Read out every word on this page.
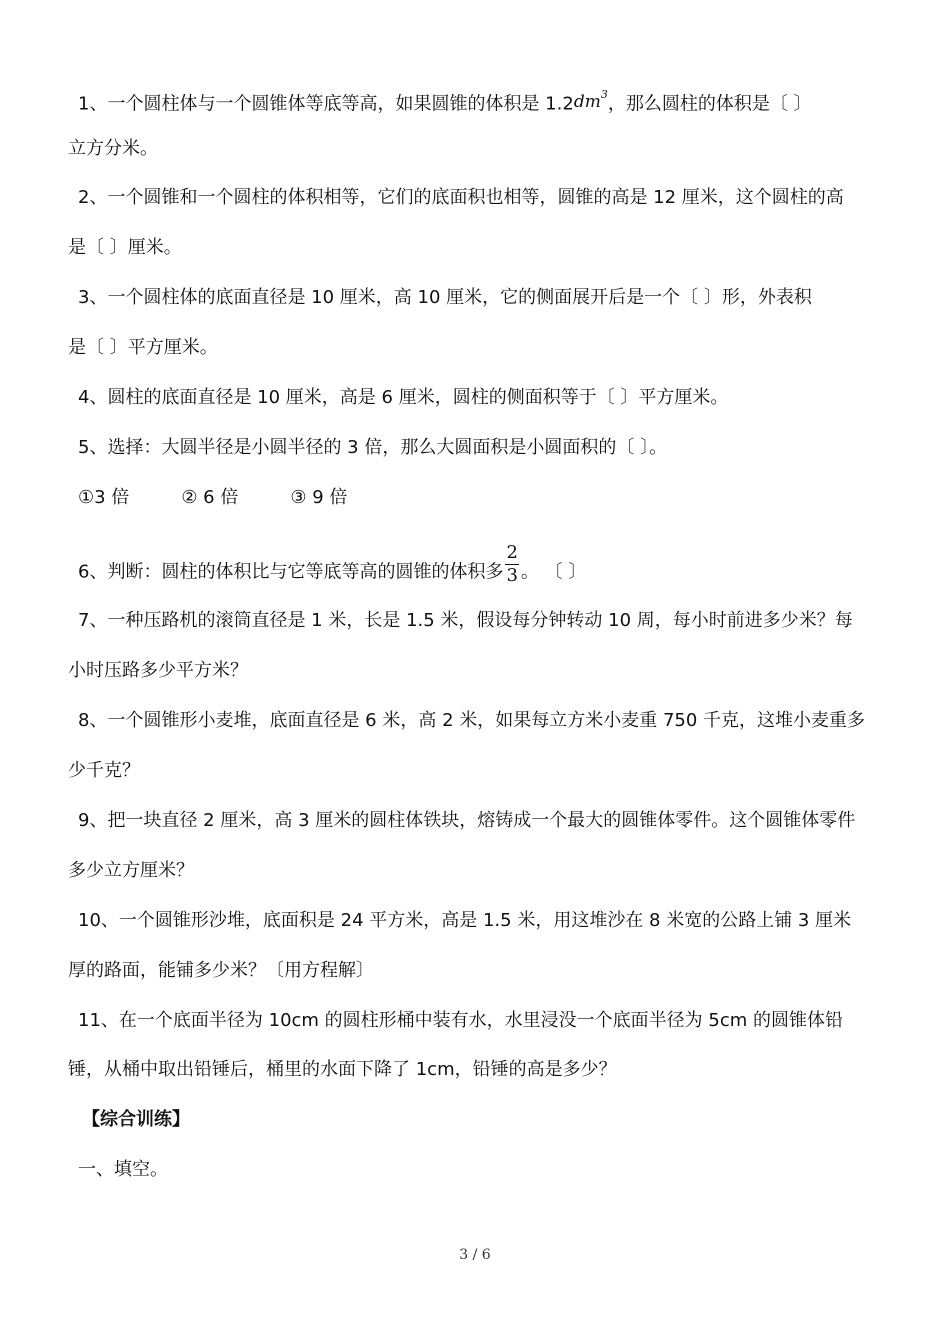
1、一个圆柱体与一个圆锥体等底等高，如果圆锥的体积是 $1.2dm^3$，那么圆柱的体积是〔 〕
立方分米。
2、一个圆锥和一个圆柱的体积相等，它们的底面积也相等，圆锥的高是 12 厘米，这个圆柱的高
是〔 〕厘米。
3、一个圆柱体的底面直径是 10 厘米，高 10 厘米，它的侧面展开后是一个〔 〕形，外表积
是〔 〕平方厘米。
4、圆柱的底面直径是 10 厘米，高是 6 厘米，圆柱的侧面积等于〔 〕平方厘米。
5、选择：大圆半径是小圆半径的 3 倍，那么大圆面积是小圆面积的〔 〕。
①3 倍	② 6 倍	③ 9 倍
6、判断：圆柱的体积比与它等底等高的圆锥的体积多 $\frac{2}{3}$ 。 〔 〕
7、一种压路机的滚筒直径是 1 米，长是 1.5 米，假设每分钟转动 10 周，每小时前进多少米？每
小时压路多少平方米？
8、一个圆锥形小麦堆，底面直径是 6 米，高 2 米，如果每立方米小麦重 750 千克，这堆小麦重多
少千克？
9、把一块直径 2 厘米，高 3 厘米的圆柱体铁块，熔铸成一个最大的圆锥体零件。这个圆锥体零件
多少立方厘米？
10、一个圆锥形沙堆，底面积是 24 平方米，高是 1.5 米，用这堆沙在 8 米宽的公路上铺 3 厘米
厚的路面，能铺多少米？〔用方程解〕
11、在一个底面半径为 10cm 的圆柱形桶中装有水，水里浸没一个底面半径为 5cm 的圆锥体铅
锤，从桶中取出铅锤后，桶里的水面下降了 1cm，铅锤的高是多少？
【综合训练】
一、填空。
3 / 6
